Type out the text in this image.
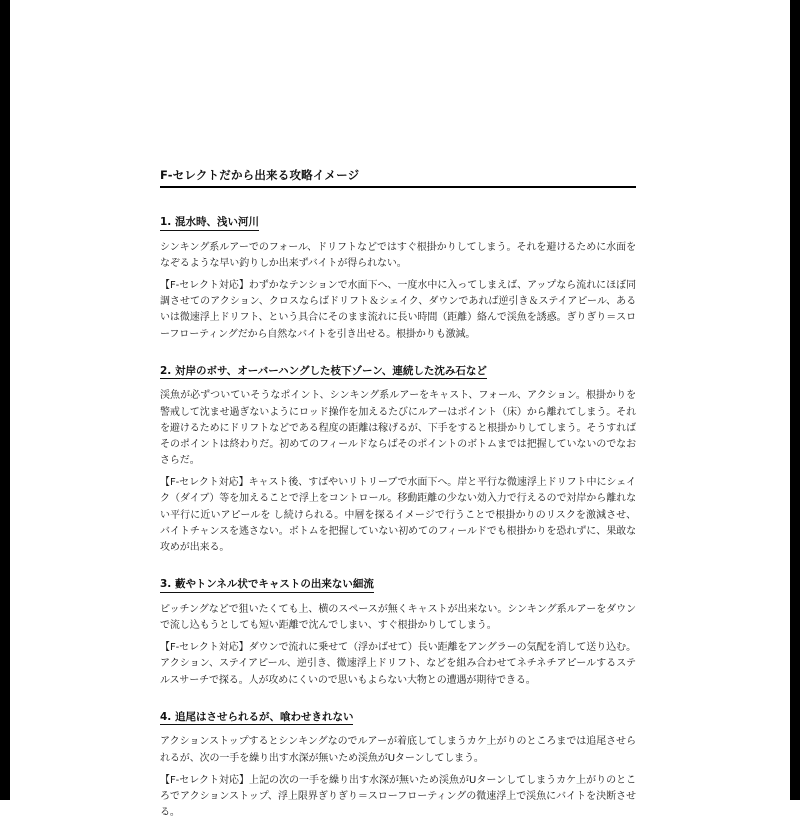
F-セレクトだから出来る攻略イメージ
1. 混水時、浅い河川

シンキング系ルアーでのフォール、ドリフトなどではすぐ根掛かりしてしまう。それを避けるために水面をなぞるような早い釣りしか出来ずバイトが得られない。

【F-セレクト対応】わずかなテンションで水面下へ、一度水中に入ってしまえば、アップなら流れにほぼ同調させてのアクション、クロスならばドリフト＆シェイク、ダウンであれば逆引き＆ステイアピール、あるいは微速浮上ドリフト、という具合にそのまま流れに長い時間（距離）絡んで渓魚を誘惑。ぎりぎり＝スローフローティングだから自然なバイトを引き出せる。根掛かりも激減。

2. 対岸のボサ、オーバーハングした枝下ゾーン、連続した沈み石など

渓魚が必ずついていそうなポイント、シンキング系ルアーをキャスト、フォール、アクション。根掛かりを警戒して沈ませ過ぎないようにロッド操作を加えるたびにルアーはポイント（床）から離れてしまう。それを避けるためにドリフトなどである程度の距離は稼げるが、下手をすると根掛かりしてしまう。そうすればそのポイントは終わりだ。初めてのフィールドならばそのポイントのボトムまでは把握していないのでなおさらだ。

【F-セレクト対応】キャスト後、すばやいリトリーブで水面下へ。岸と平行な微速浮上ドリフト中にシェイク（ダイブ）等を加えることで浮上をコントロール。移動距離の少ない効入力で行えるので対岸から離れない平行に近いアピールを し続けられる。中層を探るイメージで行うことで根掛かりのリスクを激減させ、バイトチャンスを逃さない。ボトムを把握していない初めてのフィールドでも根掛かりを恐れずに、果敢な攻めが出来る。

3. 藪やトンネル状でキャストの出来ない細流

ピッチングなどで狙いたくても上、横のスペースが無くキャストが出来ない。シンキング系ルアーをダウンで流し込もうとしても短い距離で沈んでしまい、すぐ根掛かりしてしまう。

【F-セレクト対応】ダウンで流れに乗せて（浮かばせて）長い距離をアングラーの気配を消して送り込む。アクション、ステイアピール、逆引き、微速浮上ドリフト、などを組み合わせてネチネチアピールするステルスサーチで探る。人が攻めにくいので思いもよらない大物との遭遇が期待できる。

4. 追尾はさせられるが、喰わせきれない

アクションストップするとシンキングなのでルアーが着底してしまうカケ上がりのところまでは追尾させられるが、次の一手を繰り出す水深が無いため渓魚がUターンしてしまう。

【F-セレクト対応】上記の次の一手を繰り出す水深が無いため渓魚がUターンしてしまうカケ上がりのところでアクションストップ、浮上限界ぎりぎり＝スローフローティングの微速浮上で渓魚にバイトを決断させる。
